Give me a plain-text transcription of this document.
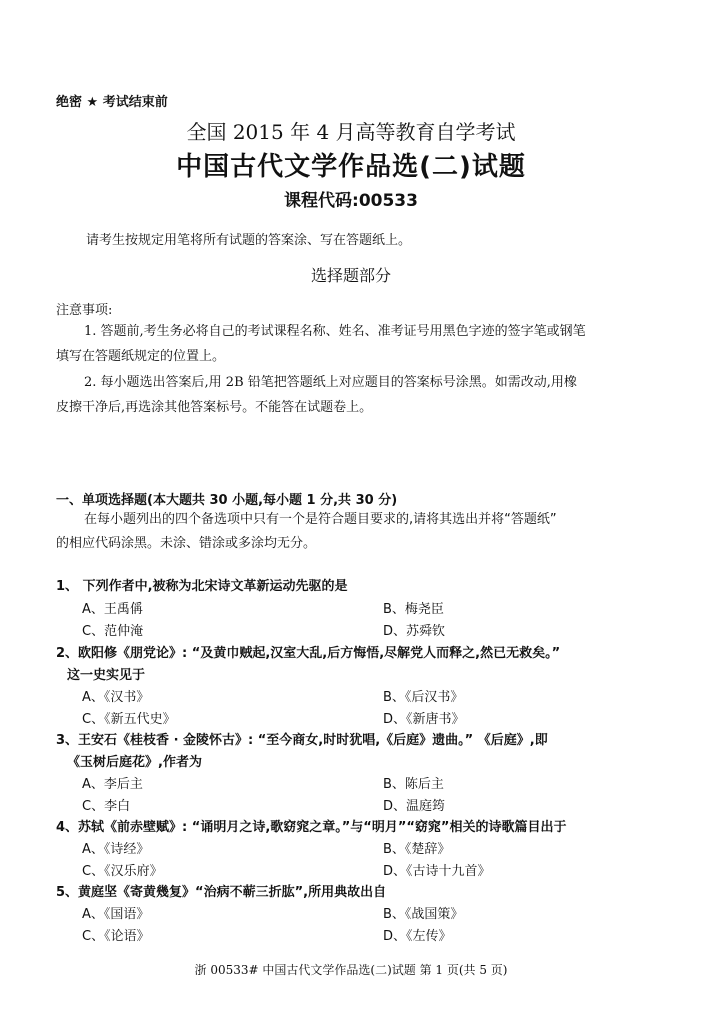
绝密 ★ 考试结束前
全国 2015 年 4 月高等教育自学考试
中国古代文学作品选(二)试题
课程代码:00533
请考生按规定用笔将所有试题的答案涂、写在答题纸上。
选择题部分
注意事项:
1. 答题前,考生务必将自己的考试课程名称、姓名、准考证号用黑色字迹的签字笔或钢笔
填写在答题纸规定的位置上。
2. 每小题选出答案后,用 2B 铅笔把答题纸上对应题目的答案标号涂黑。如需改动,用橡
皮擦干净后,再选涂其他答案标号。不能答在试题卷上。
一、单项选择题(本大题共 30 小题,每小题 1 分,共 30 分)
在每小题列出的四个备选项中只有一个是符合题目要求的,请将其选出并将“答题纸”
的相应代码涂黑。未涂、错涂或多涂均无分。
1、 下列作者中,被称为北宋诗文革新运动先驱的是
A、王禹偁	B、梅尧臣
C、范仲淹	D、苏舜钦
2、欧阳修《朋党论》: “及黄巾贼起,汉室大乱,后方悔悟,尽解党人而释之,然已无救矣。”
这一史实见于
A、《汉书》	B、《后汉书》
C、《新五代史》	D、《新唐书》
3、王安石《桂枝香 · 金陵怀古》: “至今商女,时时犹唱,《后庭》遗曲。” 《后庭》,即
《玉树后庭花》,作者为
A、李后主	B、陈后主
C、李白	D、温庭筠
4、苏轼《前赤壁赋》: “诵明月之诗,歌窈窕之章。”与“明月”“窈窕”相关的诗歌篇目出于
A、《诗经》	B、《楚辞》
C、《汉乐府》	D、《古诗十九首》
5、黄庭坚《寄黄幾复》“治病不蕲三折肱”,所用典故出自
A、《国语》	B、《战国策》
C、《论语》	D、《左传》
浙 00533# 中国古代文学作品选(二)试题 第 1 页(共 5 页)
